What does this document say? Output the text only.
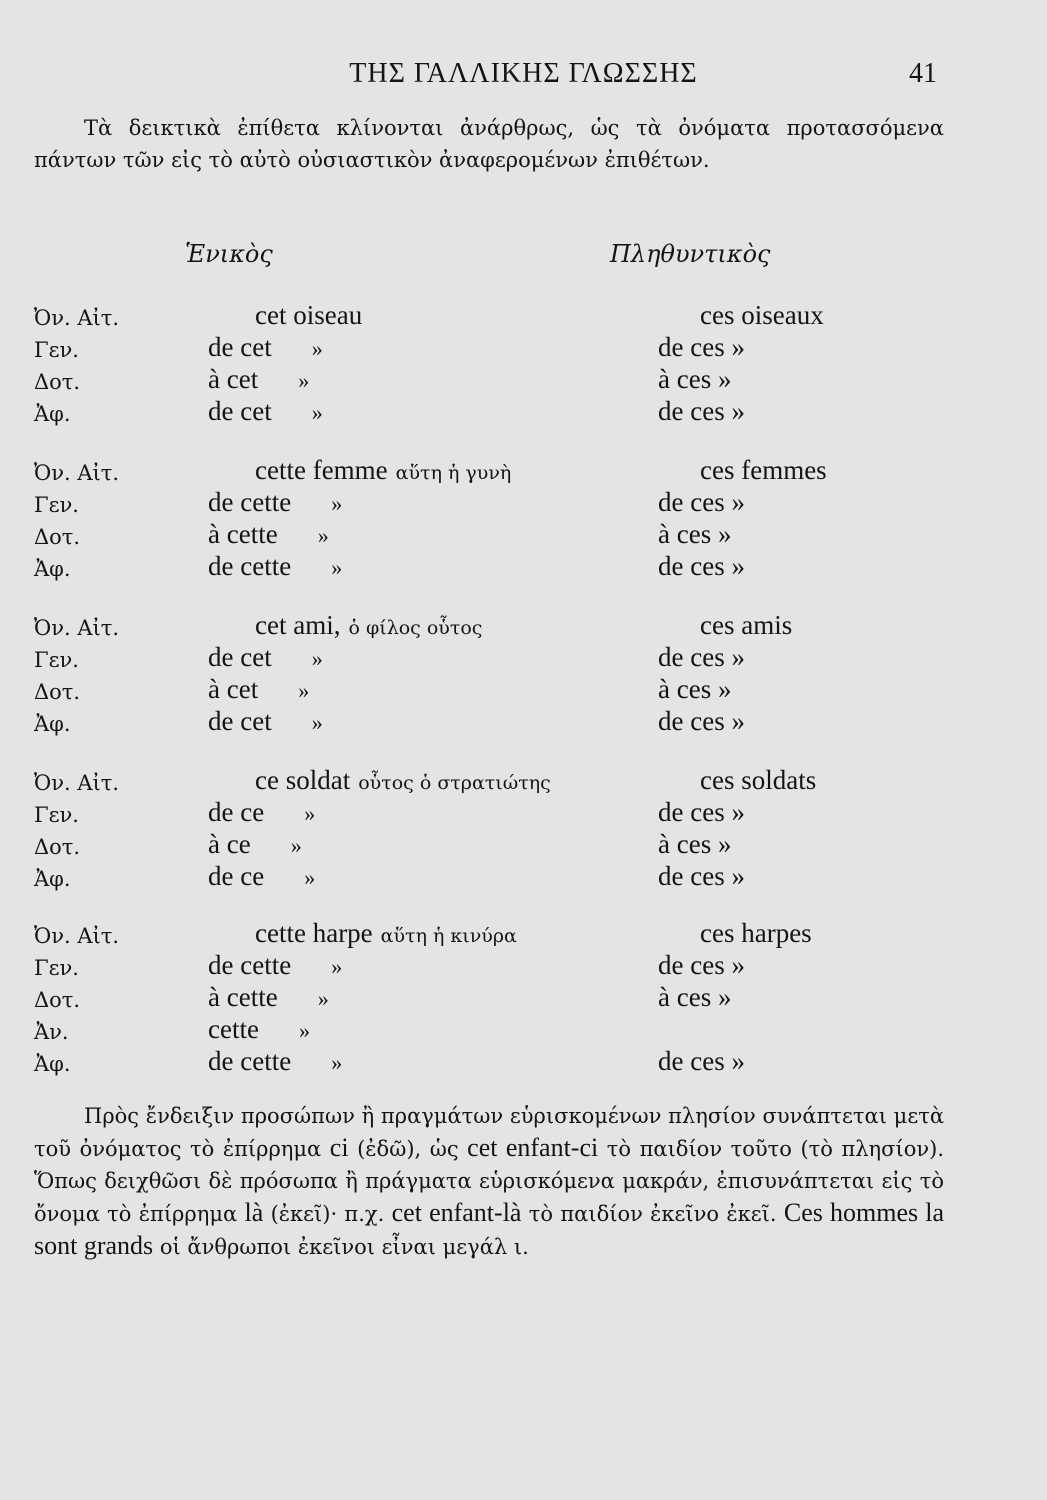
ΤΗΣ ΓΑΛΛΙΚΗΣ ΓΛΩΣΣΗΣ	41
Τὰ δεικτικὰ ἐπίθετα κλίνονται ἀνάρθρως, ὡς τὰ ὀνόματα προτασσόμενα πάντων τῶν εἰς τὸ αὐτὸ οὐσιαστικὸν ἀναφερομένων ἐπιθέτων.
Ἑνικὸς	Πληθυντικὸς
Ὀν. Αἰτ.	cet oiseau	ces oiseaux
Γεν.	de cet »	de ces »
Δοτ.	à cet »	à ces »
Ἀφ.	de cet »	de ces »
Ὀν. Αἰτ.	cette femme αὕτη ἡ γυνὴ	ces femmes
Γεν.	de cette »	de ces »
Δοτ.	à cette »	à ces »
Ἀφ.	de cette »	de ces »
Ὀν. Αἰτ.	cet ami, ὁ φίλος οὗτος	ces amis
Γεν.	de cet »	de ces »
Δοτ.	à cet »	à ces »
Ἀφ.	de cet »	de ces »
Ὀν. Αἰτ.	ce soldat οὗτος ὁ στρατιώτης	ces soldats
Γεν.	de ce »	de ces »
Δοτ.	à ce »	à ces »
Ἀφ.	de ce »	de ces »
Ὀν. Αἰτ.	cette harpe αὕτη ἡ κινύρα	ces harpes
Γεν.	de cette »	de ces »
Δοτ.	à cette »	à ces »
Ἀν.	cette »
Ἀφ.	de cette »	de ces »
Πρὸς ἔνδειξιν προσώπων ἢ πραγμάτων εὑρισκομένων πλησίον συνάπτεται μετὰ τοῦ ὀνόματος τὸ ἐπίρρημα ci (ἐδῶ), ὡς cet enfant-ci τὸ παιδίον τοῦτο (τὸ πλησίον). Ὅπως δειχθῶσι δὲ πρόσωπα ἢ πράγματα εὑρισκόμενα μακράν, ἐπισυνάπτεται εἰς τὸ ὄνομα τὸ ἐπίρρημα là (ἐκεῖ)· π.χ. cet enfant-là τὸ παιδίον ἐκεῖνο ἐκεῖ. Ces hommes la sont grands οἱ ἄνθρωποι ἐκεῖνοι εἶναι μεγάλ ι.
